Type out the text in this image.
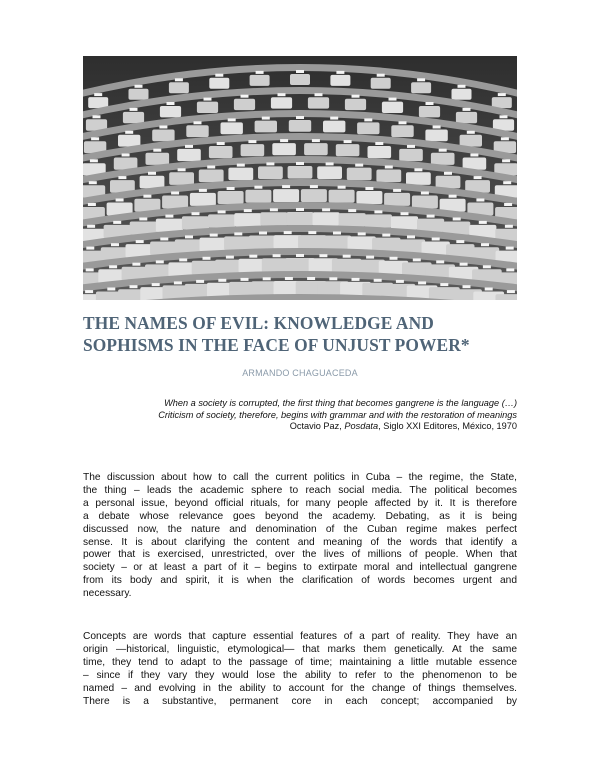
THE NAMES OF EVIL: KNOWLEDGE AND
SOPHISMS IN THE FACE OF UNJUST POWER*
ARMANDO CHAGUACEDA
When a society is corrupted, the first thing that becomes gangrene is the language (…)
Criticism of society, therefore, begins with grammar and with the restoration of meanings
Octavio Paz, Posdata, Siglo XXI Editores, México, 1970
The discussion about how to call the current politics in Cuba – the regime, the State,
the thing – leads the academic sphere to reach social media. The political becomes
a personal issue, beyond official rituals, for many people affected by it. It is therefore
a debate whose relevance goes beyond the academy. Debating, as it is being
discussed now, the nature and denomination of the Cuban regime makes perfect
sense. It is about clarifying the content and meaning of the words that identify a
power that is exercised, unrestricted, over the lives of millions of people. When that
society – or at least a part of it – begins to extirpate moral and intellectual gangrene
from its body and spirit, it is when the clarification of words becomes urgent and
necessary.
Concepts are words that capture essential features of a part of reality. They have an
origin —historical, linguistic, etymological— that marks them genetically. At the same
time, they tend to adapt to the passage of time; maintaining a little mutable essence
– since if they vary they would lose the ability to refer to the phenomenon to be
named – and evolving in the ability to account for the change of things themselves.
There is a substantive, permanent core in each concept; accompanied by
